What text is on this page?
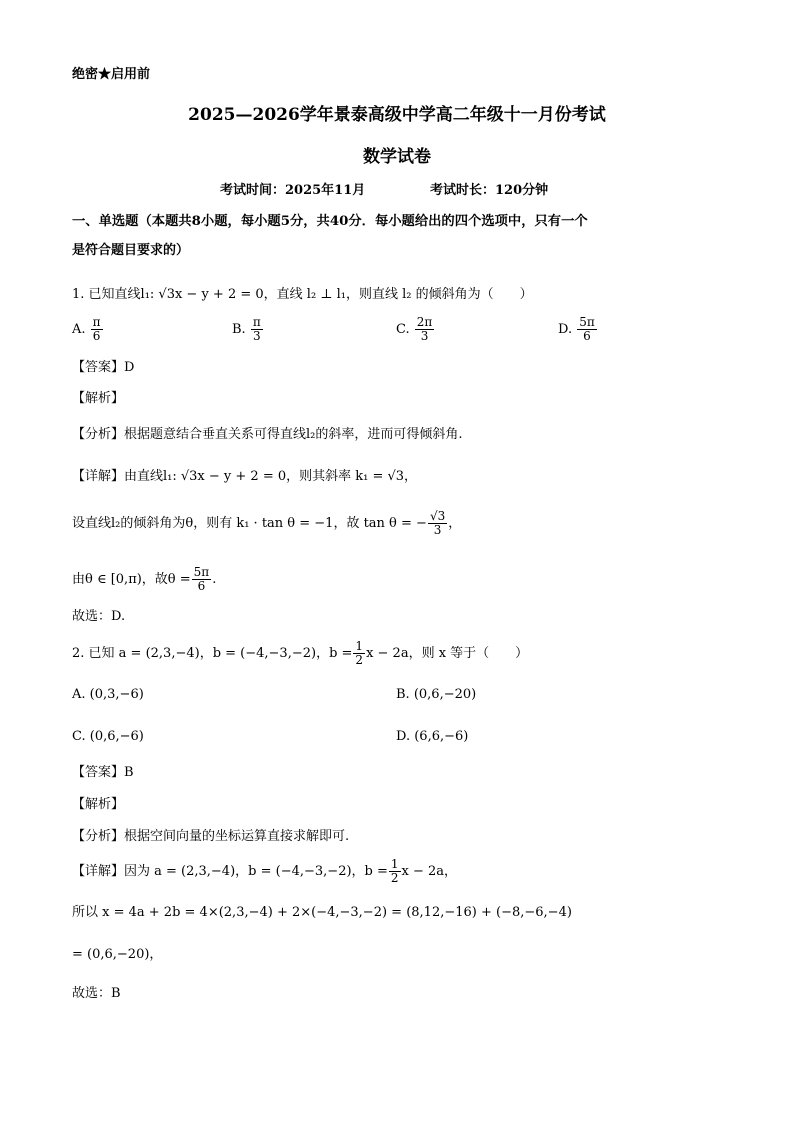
绝密★启用前
2025—2026学年景泰高级中学高二年级十一月份考试
数学试卷
考试时间：2025年11月	考试时长：120分钟
一、单选题（本题共8小题，每小题5分，共40分．每小题给出的四个选项中，只有一个
是符合题目要求的）
1. 已知直线l₁: √3x − y + 2 = 0，直线 l₂ ⊥ l₁，则直线 l₂ 的倾斜角为（　　）
A. $\frac{\pi}{6}$	B. $\frac{\pi}{3}$	C. $\frac{2\pi}{3}$	D. $\frac{5\pi}{6}$
【答案】D
【解析】
【分析】根据题意结合垂直关系可得直线l₂的斜率，进而可得倾斜角.
【详解】由直线l₁: √3x − y + 2 = 0，则其斜率 k₁ = √3，
设直线l₂的倾斜角为θ，则有 k₁ · tan θ = −1，故 tan θ = − $\frac{√3}{3}$ ，
由θ ∈ [0,π)，故$\theta = \frac{5\pi}{6}$ .
故选：D.
2. 已知 a = (2,3,−4)，b = (−4,−3,−2)，$b = \frac{1}{2}$ x − 2a，则 x 等于（　　）
A. (0,3,−6)	B. (0,6,−20)
C. (0,6,−6)	D. (6,6,−6)
【答案】B
【解析】
【分析】根据空间向量的坐标运算直接求解即可.
【详解】因为 a = (2,3,−4)，b = (−4,−3,−2)，$b = \frac{1}{2}$ x − 2a，
所以 x = 4a + 2b = 4×(2,3,−4) + 2×(−4,−3,−2) = (8,12,−16) + (−8,−6,−4)
= (0,6,−20)，
故选：B
